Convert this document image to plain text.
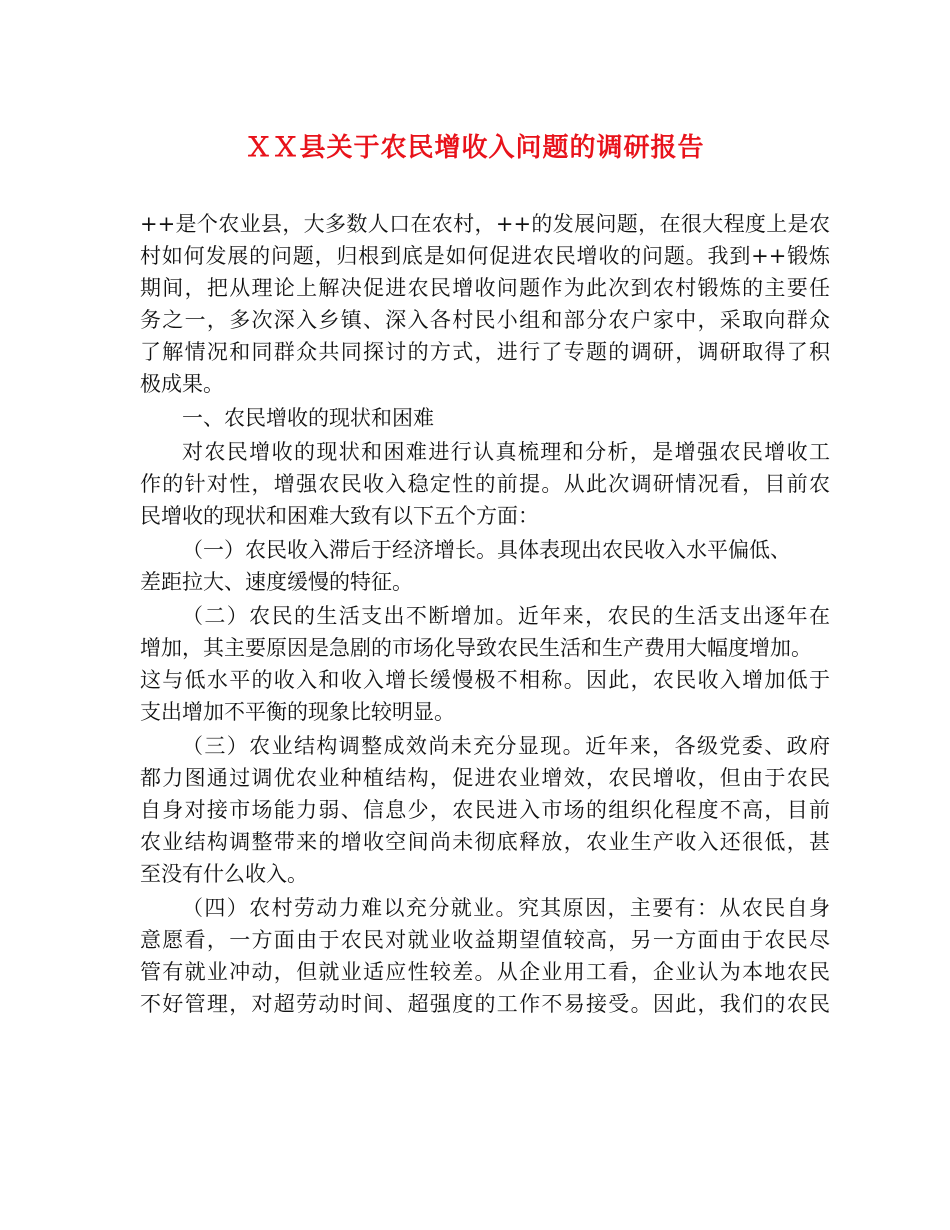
ＸＸ县关于农民增收入问题的调研报告
++是个农业县，大多数人口在农村，++的发展问题，在很大程度上是农
村如何发展的问题，归根到底是如何促进农民增收的问题。我到++锻炼
期间，把从理论上解决促进农民增收问题作为此次到农村锻炼的主要任
务之一，多次深入乡镇、深入各村民小组和部分农户家中，采取向群众
了解情况和同群众共同探讨的方式，进行了专题的调研，调研取得了积
极成果。
一、农民增收的现状和困难
对农民增收的现状和困难进行认真梳理和分析，是增强农民增收工
作的针对性，增强农民收入稳定性的前提。从此次调研情况看，目前农
民增收的现状和困难大致有以下五个方面：
（一）农民收入滞后于经济增长。具体表现出农民收入水平偏低、
差距拉大、速度缓慢的特征。
（二）农民的生活支出不断增加。近年来，农民的生活支出逐年在
增加，其主要原因是急剧的市场化导致农民生活和生产费用大幅度增加。
这与低水平的收入和收入增长缓慢极不相称。因此，农民收入增加低于
支出增加不平衡的现象比较明显。
（三）农业结构调整成效尚未充分显现。近年来，各级党委、政府
都力图通过调优农业种植结构，促进农业增效，农民增收，但由于农民
自身对接市场能力弱、信息少，农民进入市场的组织化程度不高，目前
农业结构调整带来的增收空间尚未彻底释放，农业生产收入还很低，甚
至没有什么收入。
（四）农村劳动力难以充分就业。究其原因，主要有：从农民自身
意愿看，一方面由于农民对就业收益期望值较高，另一方面由于农民尽
管有就业冲动，但就业适应性较差。从企业用工看，企业认为本地农民
不好管理，对超劳动时间、超强度的工作不易接受。因此，我们的农民
